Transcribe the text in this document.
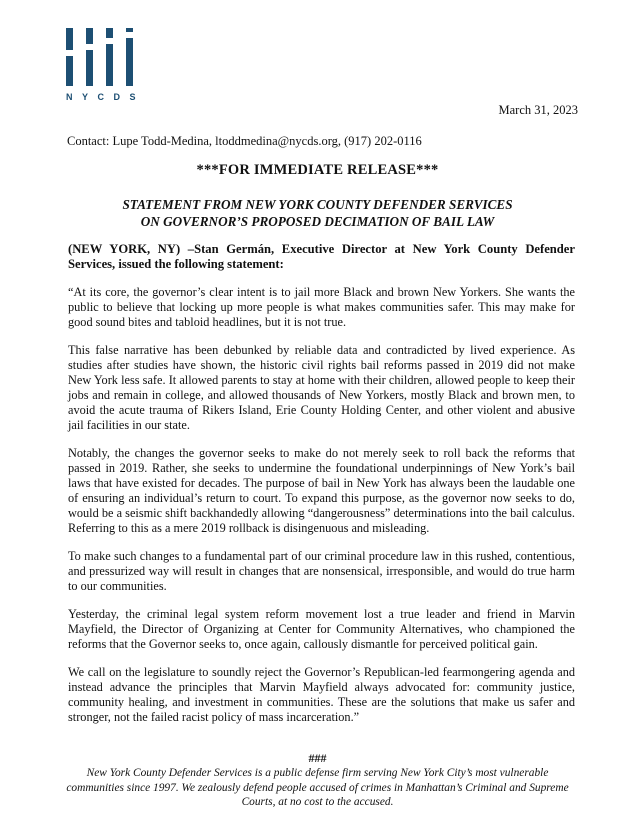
NYCDS
March 31, 2023
Contact: Lupe Todd-Medina, ltoddmedina@nycds.org, (917) 202-0116
***FOR IMMEDIATE RELEASE***
STATEMENT FROM NEW YORK COUNTY DEFENDER SERVICES
ON GOVERNOR’S PROPOSED DECIMATION OF BAIL LAW

(NEW YORK, NY) –Stan Germán, Executive Director at New York County Defender Services, issued the following statement:

“At its core, the governor’s clear intent is to jail more Black and brown New Yorkers. She wants the public to believe that locking up more people is what makes communities safer. This may make for good sound bites and tabloid headlines, but it is not true.

This false narrative has been debunked by reliable data and contradicted by lived experience. As studies after studies have shown, the historic civil rights bail reforms passed in 2019 did not make New York less safe. It allowed parents to stay at home with their children, allowed people to keep their jobs and remain in college, and allowed thousands of New Yorkers, mostly Black and brown men, to avoid the acute trauma of Rikers Island, Erie County Holding Center, and other violent and abusive jail facilities in our state.

Notably, the changes the governor seeks to make do not merely seek to roll back the reforms that passed in 2019. Rather, she seeks to undermine the foundational underpinnings of New York’s bail laws that have existed for decades. The purpose of bail in New York has always been the laudable one of ensuring an individual’s return to court. To expand this purpose, as the governor now seeks to do, would be a seismic shift backhandedly allowing “dangerousness” determinations into the bail calculus. Referring to this as a mere 2019 rollback is disingenuous and misleading.

To make such changes to a fundamental part of our criminal procedure law in this rushed, contentious, and pressurized way will result in changes that are nonsensical, irresponsible, and would do true harm to our communities.

Yesterday, the criminal legal system reform movement lost a true leader and friend in Marvin Mayfield, the Director of Organizing at Center for Community Alternatives, who championed the reforms that the Governor seeks to, once again, callously dismantle for perceived political gain.

We call on the legislature to soundly reject the Governor’s Republican-led fearmongering agenda and instead advance the principles that Marvin Mayfield always advocated for: community justice, community healing, and investment in communities. These are the solutions that make us safer and stronger, not the failed racist policy of mass incarceration.”

###
New York County Defender Services is a public defense firm serving New York City’s most vulnerable communities since 1997. We zealously defend people accused of crimes in Manhattan’s Criminal and Supreme Courts, at no cost to the accused.
